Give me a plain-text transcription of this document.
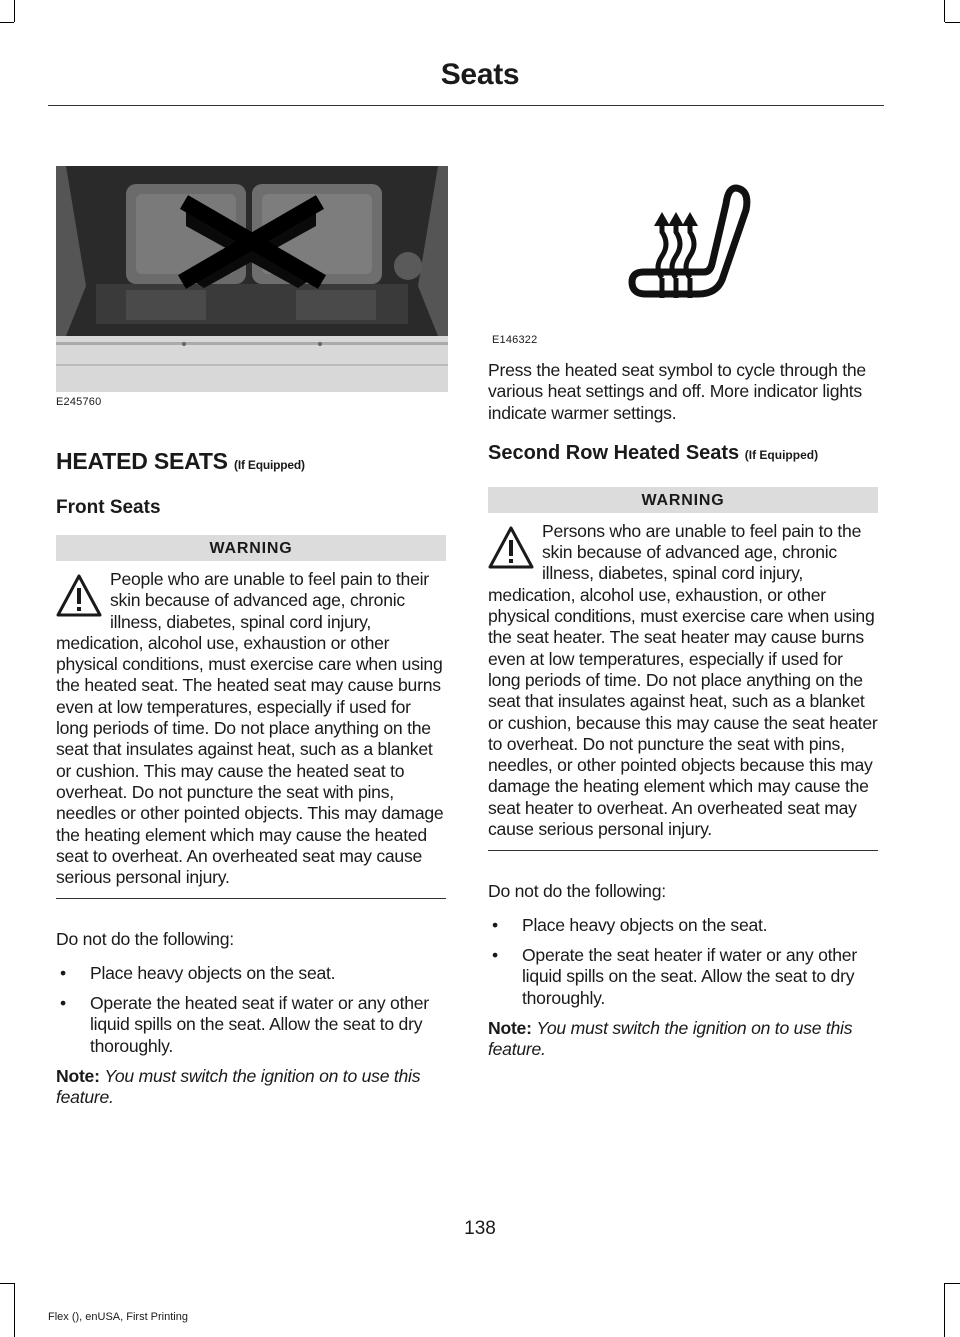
Seats
E245760
HEATED SEATS (If Equipped)
Front Seats
WARNING
People who are unable to feel pain to their skin because of advanced age, chronic illness, diabetes, spinal cord injury, medication, alcohol use, exhaustion or other physical conditions, must exercise care when using the heated seat. The heated seat may cause burns even at low temperatures, especially if used for long periods of time. Do not place anything on the seat that insulates against heat, such as a blanket or cushion. This may cause the heated seat to overheat. Do not puncture the seat with pins, needles or other pointed objects. This may damage the heating element which may cause the heated seat to overheat. An overheated seat may cause serious personal injury.

Do not do the following:

• Place heavy objects on the seat.
• Operate the heated seat if water or any other liquid spills on the seat. Allow the seat to dry thoroughly.

Note: You must switch the ignition on to use this feature.

E146322

Press the heated seat symbol to cycle through the various heat settings and off. More indicator lights indicate warmer settings.

Second Row Heated Seats (If Equipped)
WARNING
Persons who are unable to feel pain to the skin because of advanced age, chronic illness, diabetes, spinal cord injury, medication, alcohol use, exhaustion, or other physical conditions, must exercise care when using the seat heater. The seat heater may cause burns even at low temperatures, especially if used for long periods of time. Do not place anything on the seat that insulates against heat, such as a blanket or cushion, because this may cause the seat heater to overheat. Do not puncture the seat with pins, needles, or other pointed objects because this may damage the heating element which may cause the seat heater to overheat. An overheated seat may cause serious personal injury.

Do not do the following:

• Place heavy objects on the seat.
• Operate the seat heater if water or any other liquid spills on the seat. Allow the seat to dry thoroughly.

Note: You must switch the ignition on to use this feature.

138
Flex (), enUSA, First Printing
